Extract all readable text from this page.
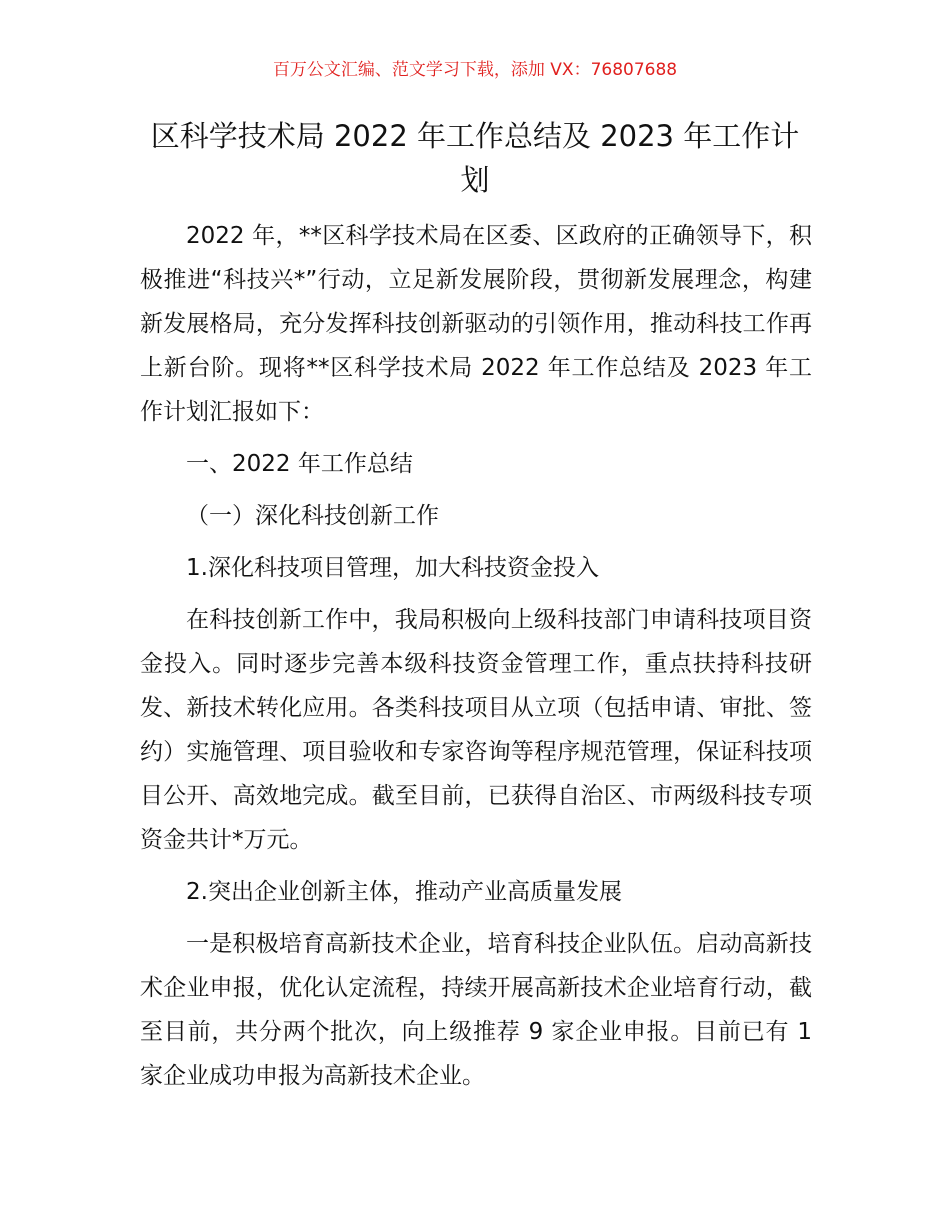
百万公文汇编、范文学习下载，添加 VX：76807688
区科学技术局 2022 年工作总结及 2023 年工作计划

2022 年，**区科学技术局在区委、区政府的正确领导下，积极推进“科技兴*”行动，立足新发展阶段，贯彻新发展理念，构建新发展格局，充分发挥科技创新驱动的引领作用，推动科技工作再上新台阶。现将**区科学技术局 2022 年工作总结及 2023 年工作计划汇报如下：

一、2022 年工作总结

（一）深化科技创新工作

1.深化科技项目管理，加大科技资金投入

在科技创新工作中，我局积极向上级科技部门申请科技项目资金投入。同时逐步完善本级科技资金管理工作，重点扶持科技研发、新技术转化应用。各类科技项目从立项（包括申请、审批、签约）实施管理、项目验收和专家咨询等程序规范管理，保证科技项目公开、高效地完成。截至目前，已获得自治区、市两级科技专项资金共计*万元。

2.突出企业创新主体，推动产业高质量发展

一是积极培育高新技术企业，培育科技企业队伍。启动高新技术企业申报，优化认定流程，持续开展高新技术企业培育行动，截至目前，共分两个批次，向上级推荐 9 家企业申报。目前已有 1 家企业成功申报为高新技术企业。
